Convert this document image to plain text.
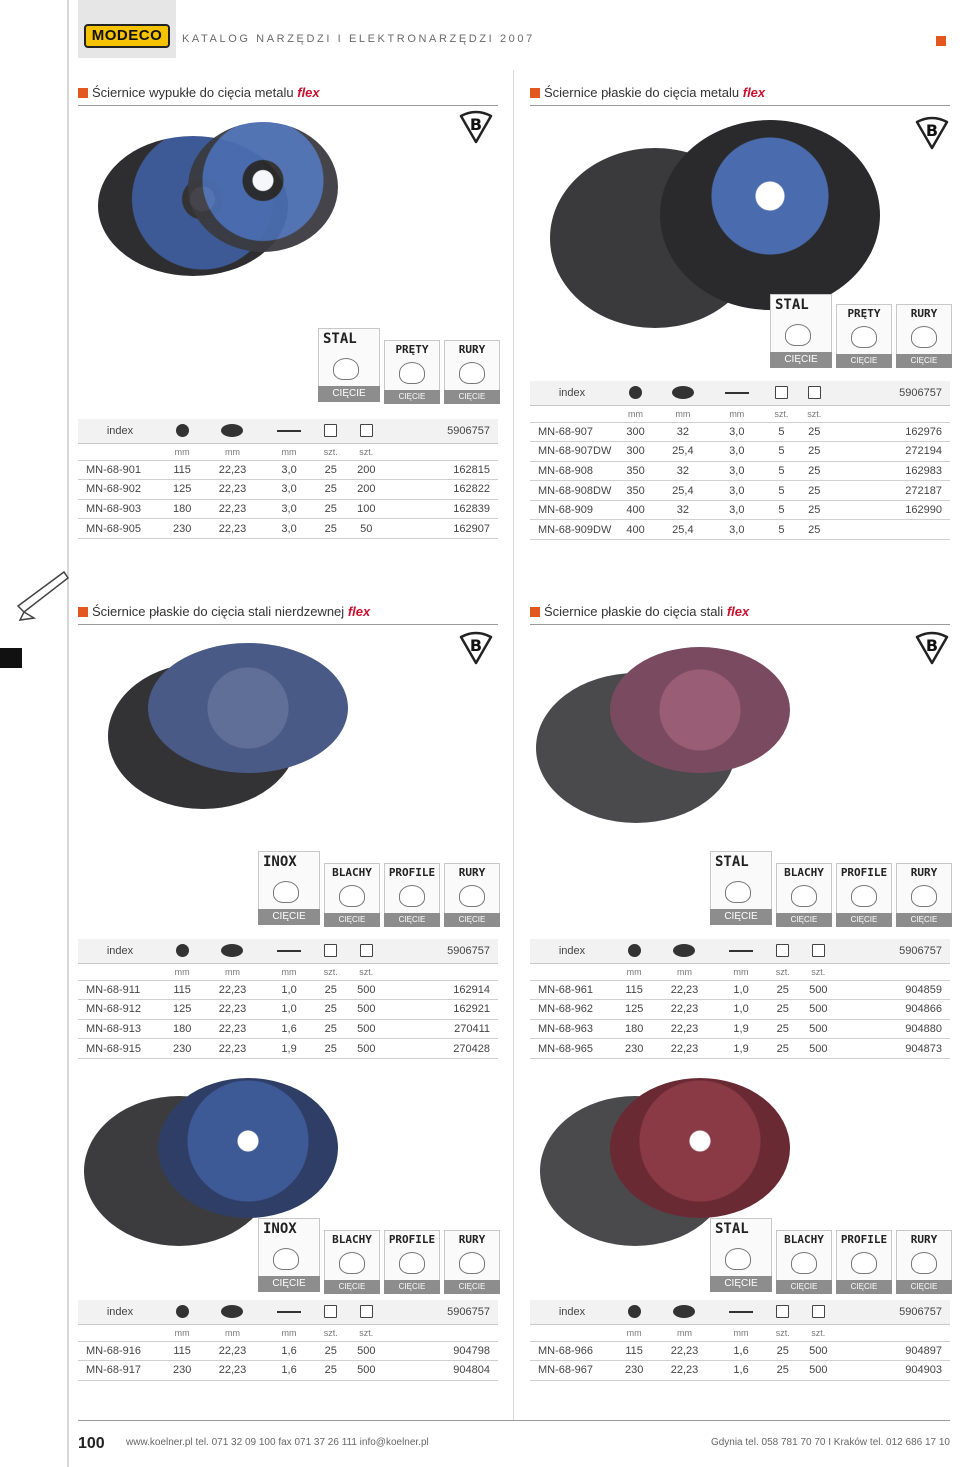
MODECO	KATALOG NARZĘDZI I ELEKTRONARZĘDZI 2007
Ściernice wypukłe do cięcia metalu flex
B
STAL
CIĘCIE
PRĘTY
CIĘCIE
RURY
CIĘCIE
index						5906757
	mm	mm	mm	szt.	szt.	
MN-68-901	115	22,23	3,0	25	200	162815
MN-68-902	125	22,23	3,0	25	200	162822
MN-68-903	180	22,23	3,0	25	100	162839
MN-68-905	230	22,23	3,0	25	50	162907
Ściernice płaskie do cięcia metalu flex
B
STAL
CIĘCIE
PRĘTY
CIĘCIE
RURY
CIĘCIE
index						5906757
	mm	mm	mm	szt.	szt.	
MN-68-907	300	32	3,0	5	25	162976
MN-68-907DW	300	25,4	3,0	5	25	272194
MN-68-908	350	32	3,0	5	25	162983
MN-68-908DW	350	25,4	3,0	5	25	272187
MN-68-909	400	32	3,0	5	25	162990
MN-68-909DW	400	25,4	3,0	5	25	
Ściernice płaskie do cięcia stali nierdzewnej flex
B
INOX
CIĘCIE
BLACHY
CIĘCIE
PROFILE
CIĘCIE
RURY
CIĘCIE
index						5906757
	mm	mm	mm	szt.	szt.	
MN-68-911	115	22,23	1,0	25	500	162914
MN-68-912	125	22,23	1,0	25	500	162921
MN-68-913	180	22,23	1,6	25	500	270411
MN-68-915	230	22,23	1,9	25	500	270428
Ściernice płaskie do cięcia stali flex
B
STAL
CIĘCIE
BLACHY
CIĘCIE
PROFILE
CIĘCIE
RURY
CIĘCIE
index						5906757
	mm	mm	mm	szt.	szt.	
MN-68-961	115	22,23	1,0	25	500	904859
MN-68-962	125	22,23	1,0	25	500	904866
MN-68-963	180	22,23	1,9	25	500	904880
MN-68-965	230	22,23	1,9	25	500	904873
INOX
CIĘCIE
BLACHY
CIĘCIE
PROFILE
CIĘCIE
RURY
CIĘCIE
index						5906757
	mm	mm	mm	szt.	szt.	
MN-68-916	115	22,23	1,6	25	500	904798
MN-68-917	230	22,23	1,6	25	500	904804
STAL
CIĘCIE
BLACHY
CIĘCIE
PROFILE
CIĘCIE
RURY
CIĘCIE
index						5906757
	mm	mm	mm	szt.	szt.	
MN-68-966	115	22,23	1,6	25	500	904897
MN-68-967	230	22,23	1,6	25	500	904903
100 www.koelner.pl tel. 071 32 09 100 fax 071 37 26 111 info@koelner.pl	Gdynia tel. 058 781 70 70 I Kraków tel. 012 686 17 10
